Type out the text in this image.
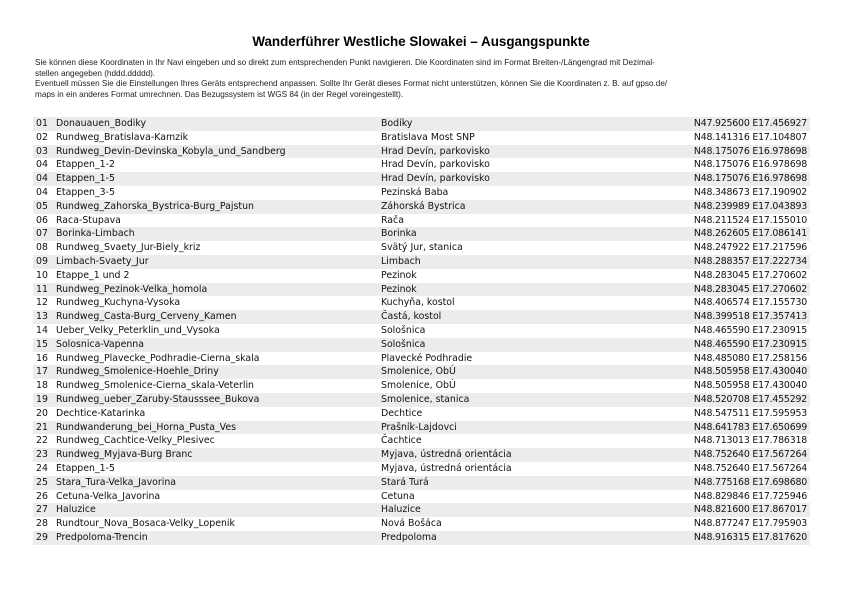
Wanderführer Westliche Slowakei – Ausgangspunkte
Sie können diese Koordinaten in Ihr Navi eingeben und so direkt zum entsprechenden Punkt navigieren. Die Koordinaten sind im Format Breiten-/Längengrad mit Dezimal-
stellen angegeben (hddd.ddddd).
Eventuell müssen Sie die Einstellungen Ihres Geräts entsprechend anpassen. Sollte Ihr Gerät dieses Format nicht unterstützen, können Sie die Koordinaten z. B. auf gpso.de/
maps in ein anderes Format umrechnen. Das Bezugssystem ist WGS 84 (in der Regel voreingestellt).
01 Donauauen_Bodiky	Bodíky	N47.925600 E17.456927
02 Rundweg_Bratislava-Kamzik	Bratislava Most SNP	N48.141316 E17.104807
03 Rundweg_Devin-Devinska_Kobyla_und_Sandberg	Hrad Devín, parkovisko	N48.175076 E16.978698
04 Etappen_1-2	Hrad Devín, parkovisko	N48.175076 E16.978698
04 Etappen_1-5	Hrad Devín, parkovisko	N48.175076 E16.978698
04 Etappen_3-5	Pezinská Baba	N48.348673 E17.190902
05 Rundweg_Zahorska_Bystrica-Burg_Pajstun	Záhorská Bystrica	N48.239989 E17.043893
06 Raca-Stupava	Rača	N48.211524 E17.155010
07 Borinka-Limbach	Borinka	N48.262605 E17.086141
08 Rundweg_Svaety_Jur-Biely_kriz	Svätý Jur, stanica	N48.247922 E17.217596
09 Limbach-Svaety_Jur	Limbach	N48.288357 E17.222734
10 Etappe_1 und 2	Pezinok	N48.283045 E17.270602
11 Rundweg_Pezinok-Velka_homola	Pezinok	N48.283045 E17.270602
12 Rundweg_Kuchyna-Vysoka	Kuchyňa, kostol	N48.406574 E17.155730
13 Rundweg_Casta-Burg_Cerveny_Kamen	Častá, kostol	N48.399518 E17.357413
14 Ueber_Velky_Peterklin_und_Vysoka	Sološnica	N48.465590 E17.230915
15 Solosnica-Vapenna	Sološnica	N48.465590 E17.230915
16 Rundweg_Plavecke_Podhradie-Cierna_skala	Plavecké Podhradie	N48.485080 E17.258156
17 Rundweg_Smolenice-Hoehle_Driny	Smolenice, ObÚ	N48.505958 E17.430040
18 Rundweg_Smolenice-Cierna_skala-Veterlin	Smolenice, ObÚ	N48.505958 E17.430040
19 Rundweg_ueber_Zaruby-Stausssee_Bukova	Smolenice, stanica	N48.520708 E17.455292
20 Dechtice-Katarinka	Dechtice	N48.547511 E17.595953
21 Rundwanderung_bei_Horna_Pusta_Ves	Prašník-Lajdovci	N48.641783 E17.650699
22 Rundweg_Cachtice-Velky_Plesivec	Čachtice	N48.713013 E17.786318
23 Rundweg_Myjava-Burg Branc	Myjava, ústredná orientácia	N48.752640 E17.567264
24 Etappen_1-5	Myjava, ústredná orientácia	N48.752640 E17.567264
25 Stara_Tura-Velka_Javorina	Stará Turá	N48.775168 E17.698680
26 Cetuna-Velka_Javorina	Cetuna	N48.829846 E17.725946
27 Haluzice	Haluzice	N48.821600 E17.867017
28 Rundtour_Nova_Bosaca-Velky_Lopenik	Nová Bošáca	N48.877247 E17.795903
29 Predpoloma-Trencin	Predpoloma	N48.916315 E17.817620
